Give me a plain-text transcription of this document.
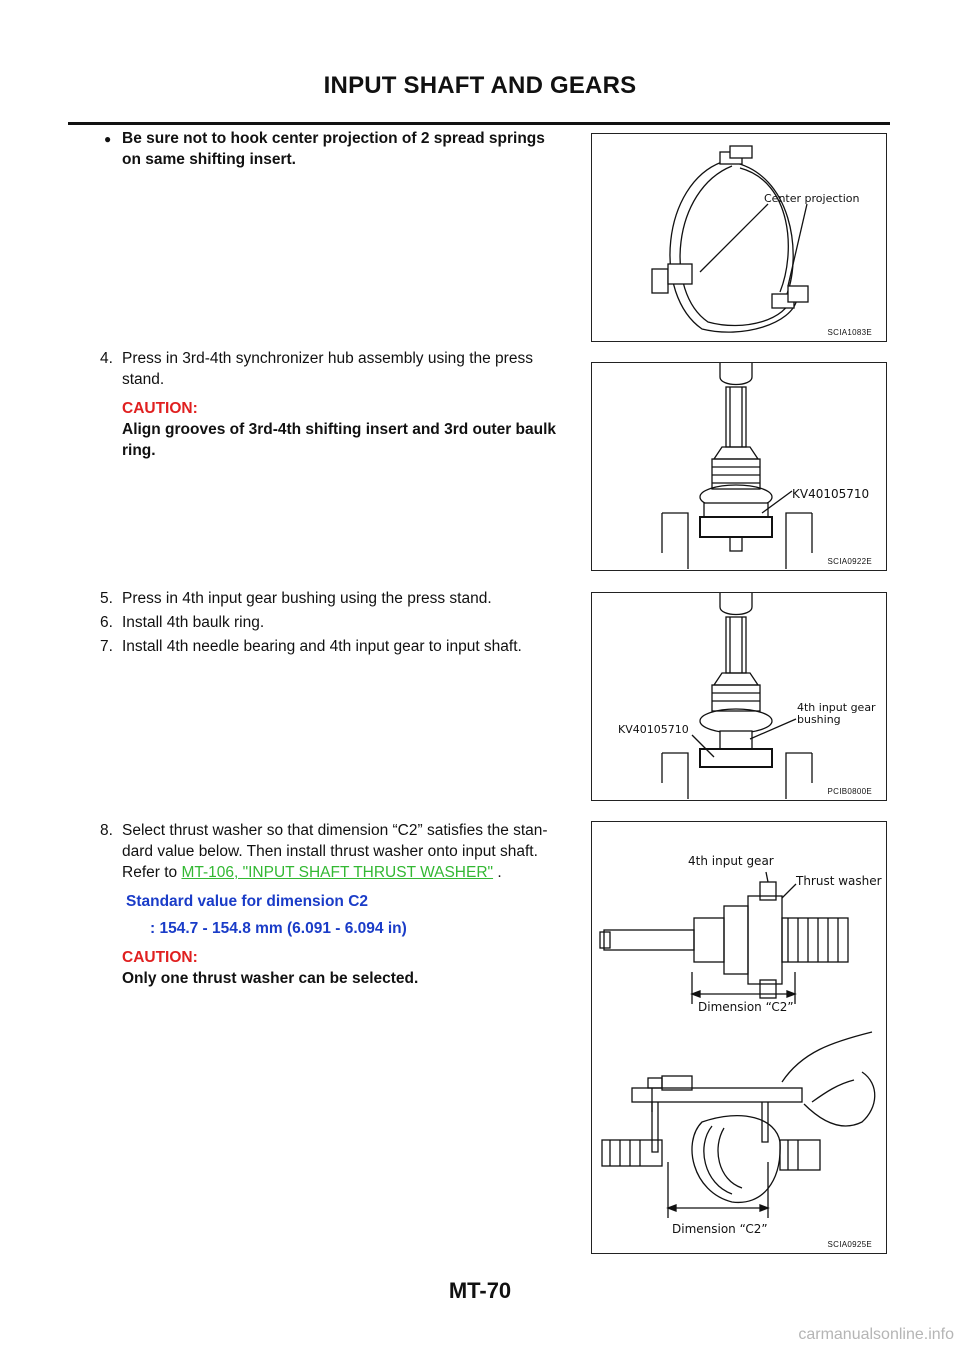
INPUT SHAFT AND GEARS
● Be sure not to hook center projection of 2 spread springs
on same shifting insert.
4. Press in 3rd-4th synchronizer hub assembly using the press
stand.
CAUTION:
Align grooves of 3rd-4th shifting insert and 3rd outer baulk
ring.
5. Press in 4th input gear bushing using the press stand.
6. Install 4th baulk ring.
7. Install 4th needle bearing and 4th input gear to input shaft.
8. Select thrust washer so that dimension “C2” satisfies the stan-
dard value below. Then install thrust washer onto input shaft.
Refer to MT-106, "INPUT SHAFT THRUST WASHER" .
Standard value for dimension C2
: 154.7 - 154.8 mm (6.091 - 6.094 in)
CAUTION:
Only one thrust washer can be selected.
Center projection
SCIA1083E
KV40105710
SCIA0922E
KV40105710
4th input gear
bushing
PCIB0800E
4th input gear
Thrust washer
Dimension “C2”
Dimension “C2”
SCIA0925E
MT-70
carmanualsonline.info
